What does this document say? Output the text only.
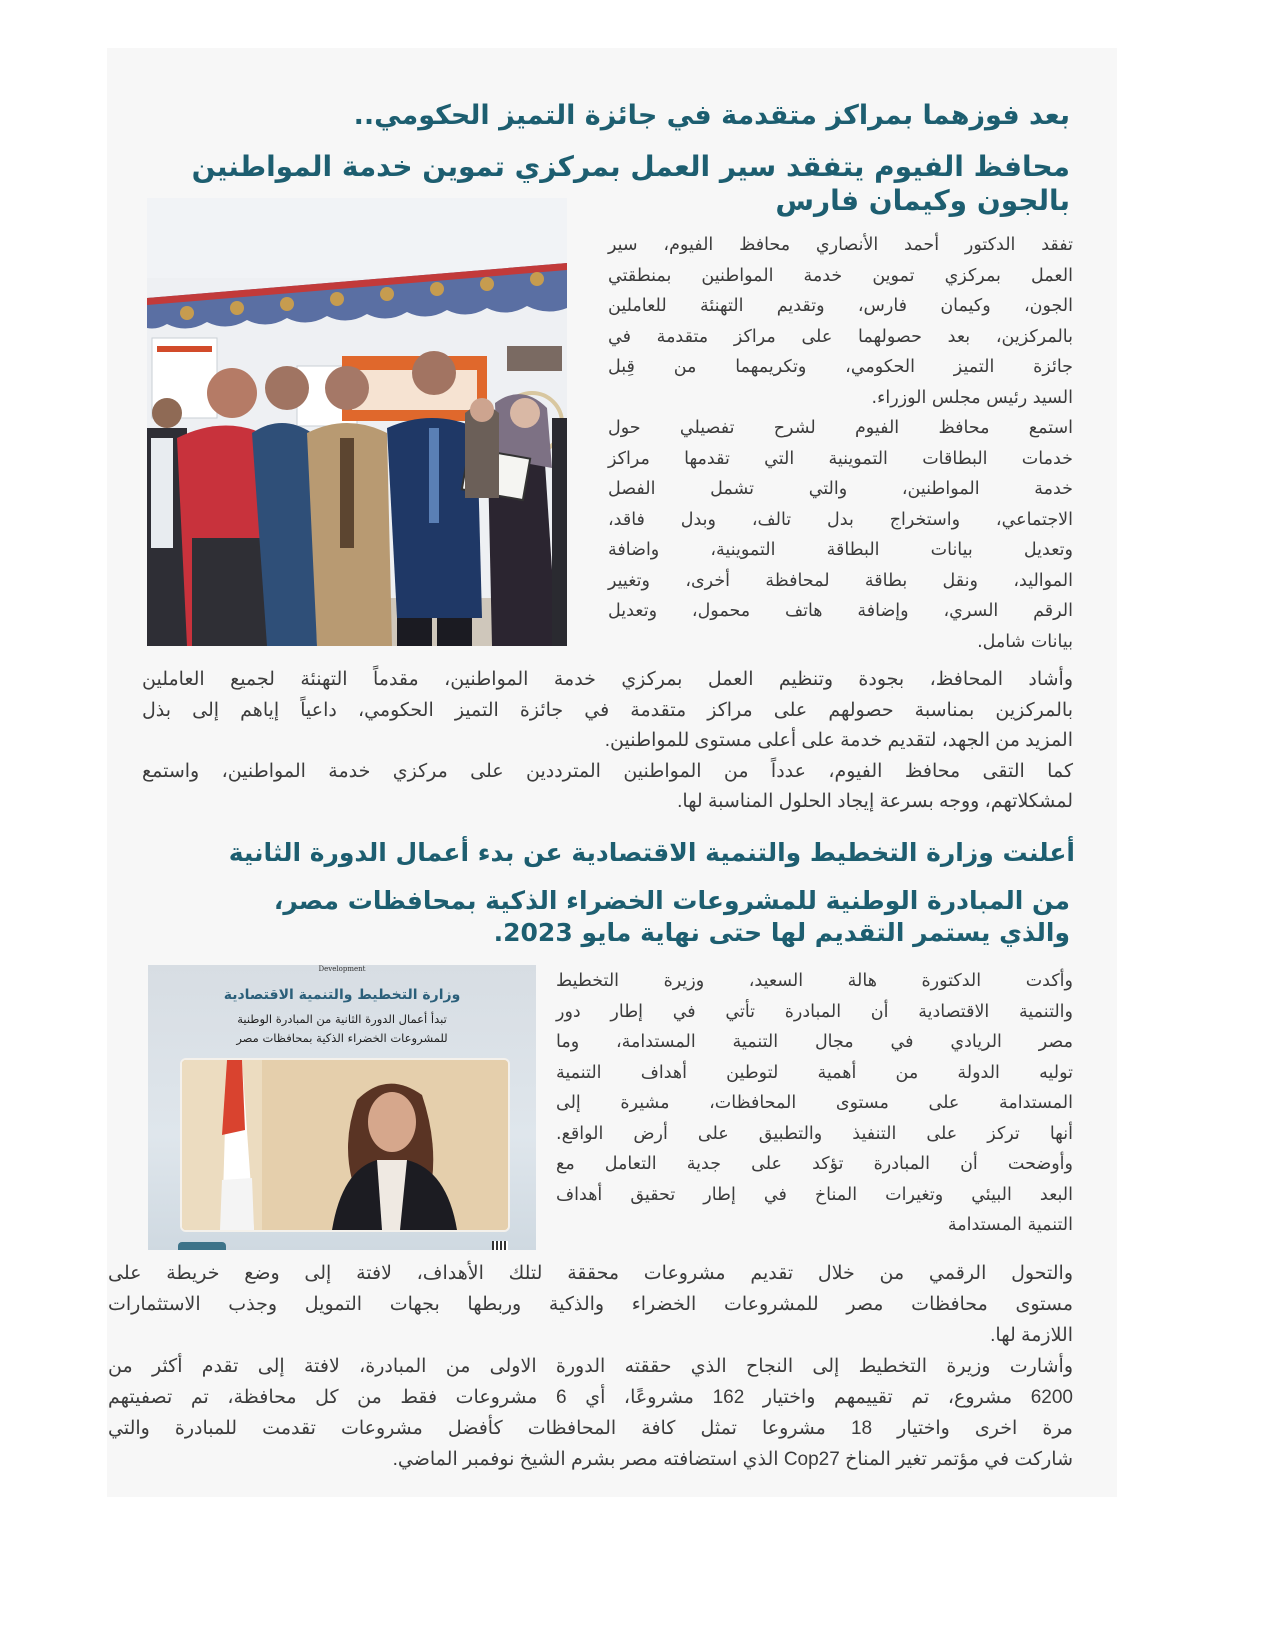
بعد فوزهما بمراكز متقدمة في جائزة التميز الحكومي..
محافظ الفيوم يتفقد سير العمل بمركزي تموين خدمة المواطنين
بالجون وكيمان فارس
تفقد الدكتور أحمد الأنصاري محافظ الفيوم، سير
العمل بمركزي تموين خدمة المواطنين بمنطقتي
الجون، وكيمان فارس، وتقديم التهنئة للعاملين
بالمركزين، بعد حصولهما على مراكز متقدمة في
جائزة التميز الحكومي، وتكريمهما من قِبل
السيد رئيس مجلس الوزراء.
استمع محافظ الفيوم لشرح تفصيلي حول
خدمات البطاقات التموينية التي تقدمها مراكز
خدمة المواطنين، والتي تشمل الفصل
الاجتماعي، واستخراج بدل تالف، وبدل فاقد،
وتعديل بيانات البطاقة التموينية، واضافة
المواليد، ونقل بطاقة لمحافظة أخرى، وتغيير
الرقم السري، وإضافة هاتف محمول، وتعديل
بيانات شامل.
وأشاد المحافظ، بجودة وتنظيم العمل بمركزي خدمة المواطنين، مقدماً التهنئة لجميع العاملين
بالمركزين بمناسبة حصولهم على مراكز متقدمة في جائزة التميز الحكومي، داعياً إياهم إلى بذل
المزيد من الجهد، لتقديم خدمة على أعلى مستوى للمواطنين.
كما التقى محافظ الفيوم، عدداً من المواطنين المترددين على مركزي خدمة المواطنين، واستمع
لمشكلاتهم، ووجه بسرعة إيجاد الحلول المناسبة لها.
أعلنت وزارة التخطيط والتنمية الاقتصادية عن بدء أعمال الدورة الثانية
من المبادرة الوطنية للمشروعات الخضراء الذكية بمحافظات مصر،
والذي يستمر التقديم لها حتى نهاية مايو 2023.
Development
وزارة التخطيط والتنمية الاقتصادية
تبدأ أعمال الدورة الثانية من المبادرة الوطنية
للمشروعات الخضراء الذكية بمحافظات مصر
وأكدت الدكتورة هالة السعيد، وزيرة التخطيط
والتنمية الاقتصادية أن المبادرة تأتي في إطار دور
مصر الريادي في مجال التنمية المستدامة، وما
توليه الدولة من أهمية لتوطين أهداف التنمية
المستدامة على مستوى المحافظات، مشيرة إلى
أنها تركز على التنفيذ والتطبيق على أرض الواقع.
وأوضحت أن المبادرة تؤكد على جدية التعامل مع
البعد البيئي وتغيرات المناخ في إطار تحقيق أهداف
التنمية المستدامة
والتحول الرقمي من خلال تقديم مشروعات محققة لتلك الأهداف، لافتة إلى وضع خريطة على
مستوى محافظات مصر للمشروعات الخضراء والذكية وربطها بجهات التمويل وجذب الاستثمارات
اللازمة لها.
وأشارت وزيرة التخطيط إلى النجاح الذي حققته الدورة الاولى من المبادرة، لافتة إلى تقدم أكثر من
6200 مشروع، تم تقييمهم واختيار 162 مشروعًا، أي 6 مشروعات فقط من كل محافظة، تم تصفيتهم
مرة اخرى واختيار 18 مشروعا تمثل كافة المحافظات كأفضل مشروعات تقدمت للمبادرة والتي
شاركت في مؤتمر تغير المناخ Cop27 الذي استضافته مصر بشرم الشيخ نوفمبر الماضي.
